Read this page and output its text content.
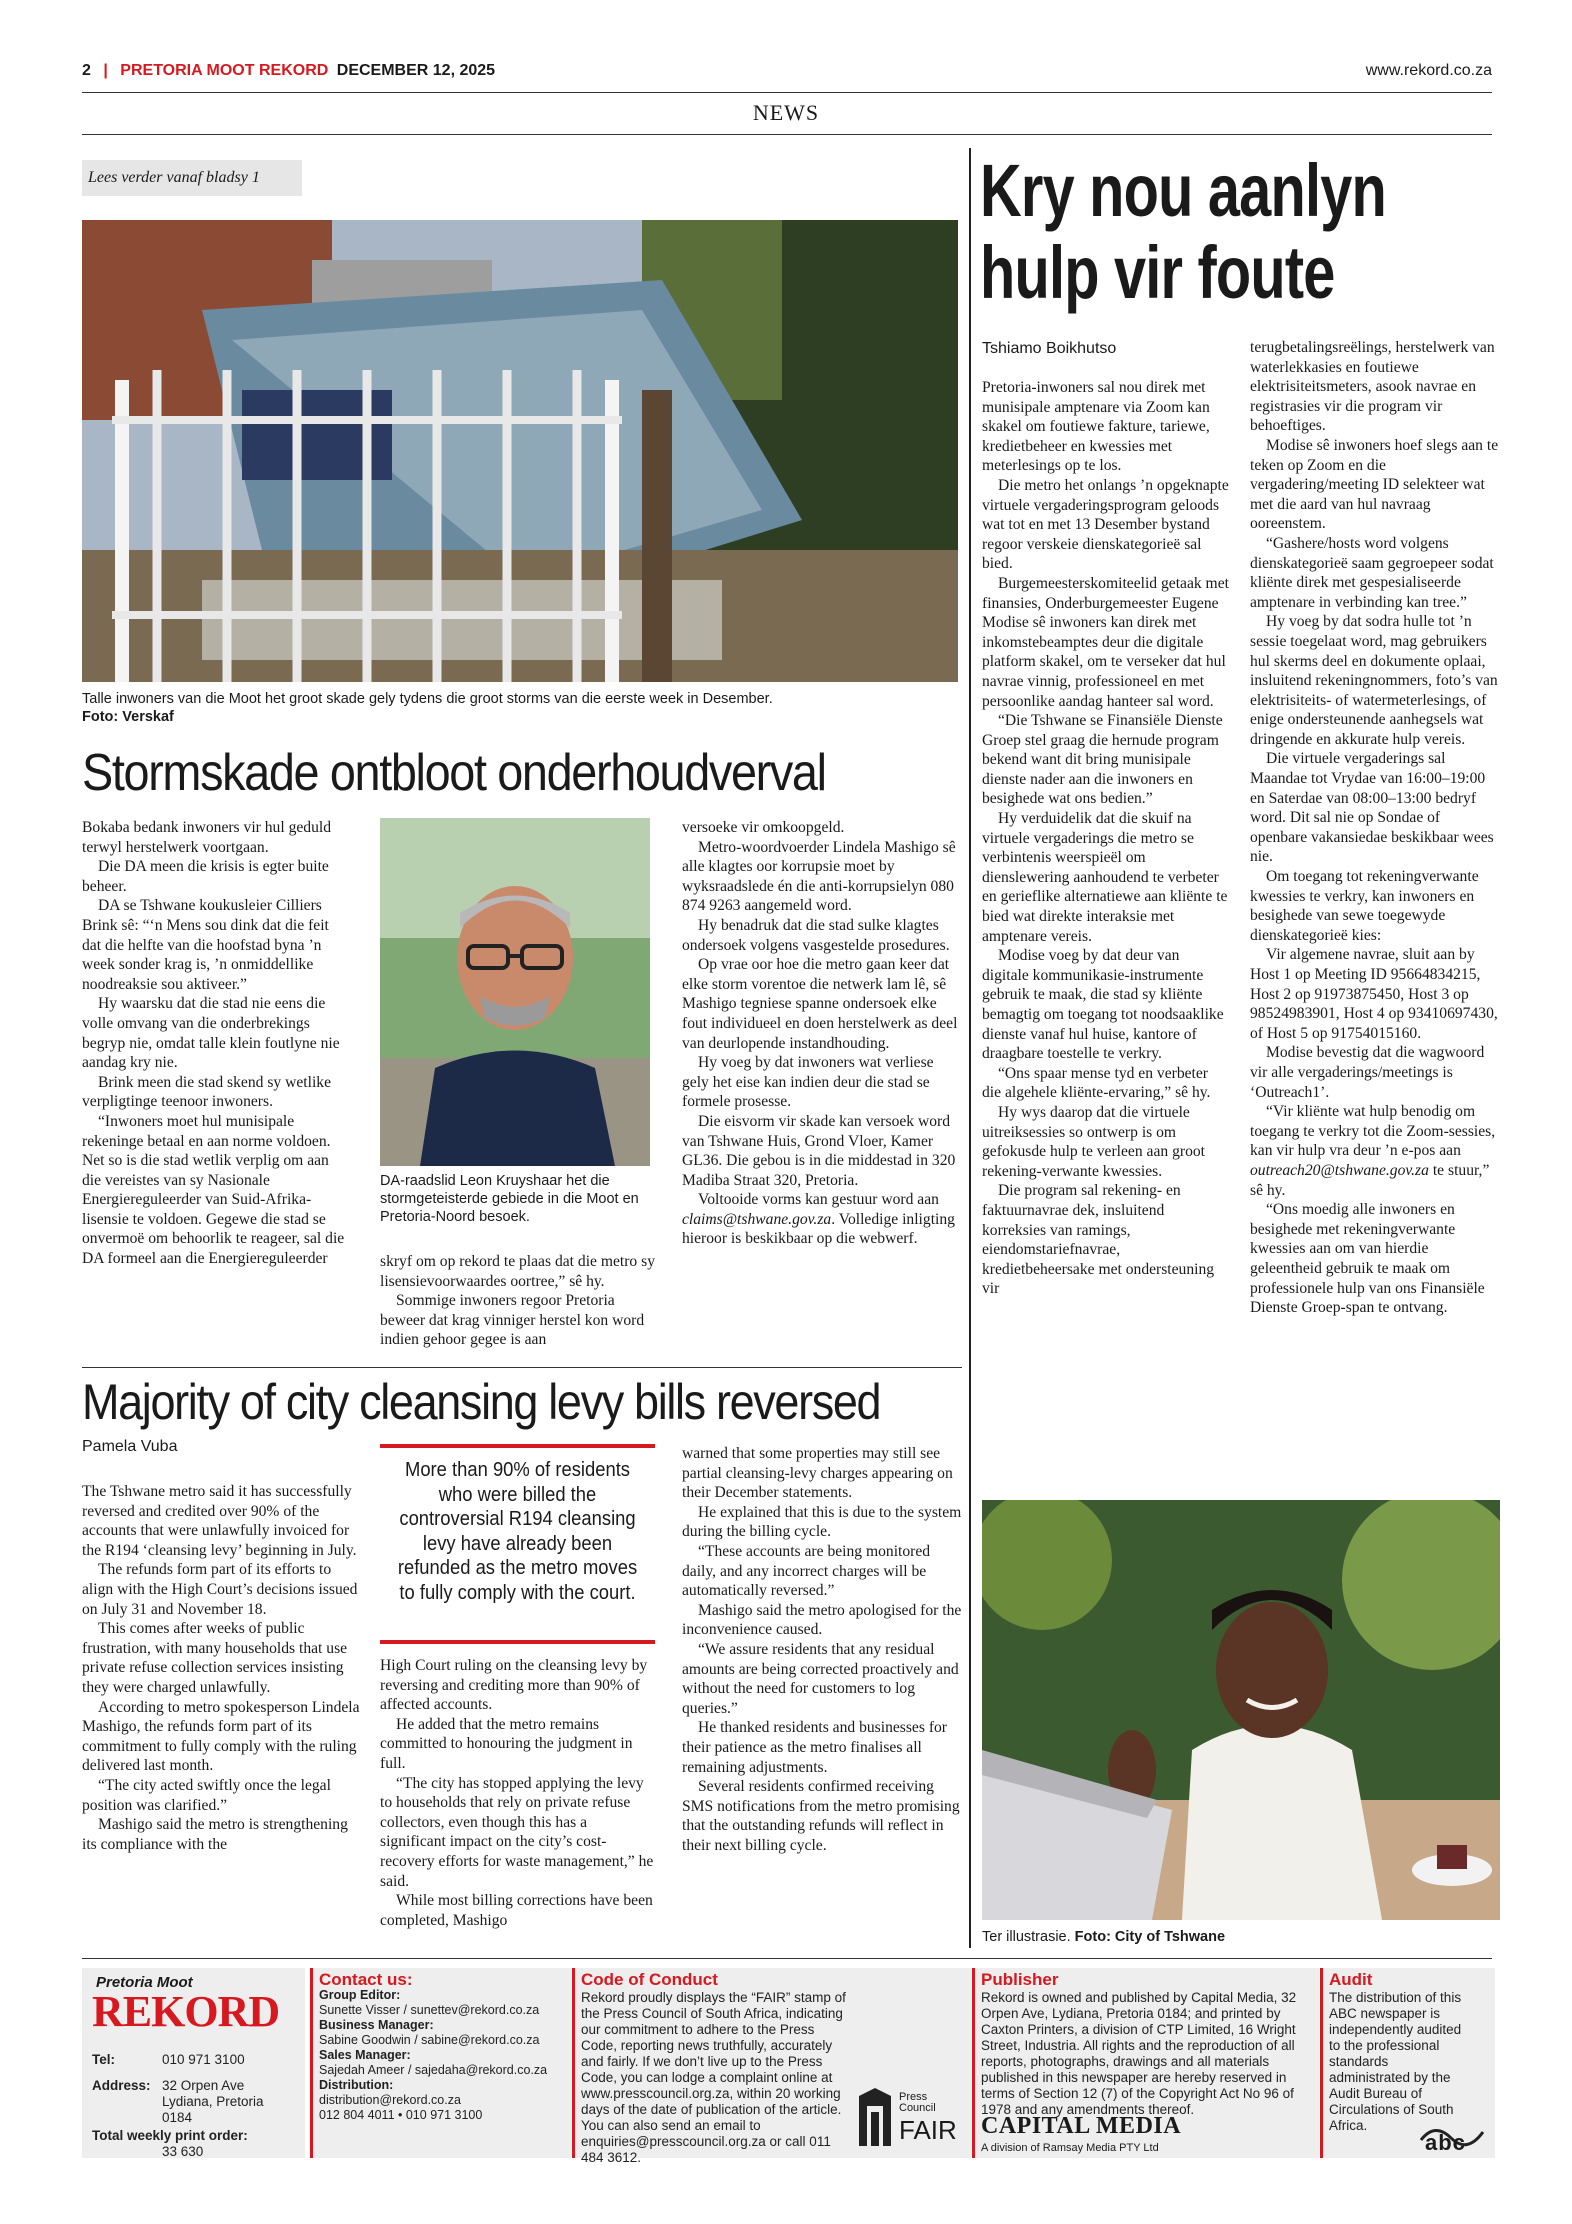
2 | PRETORIA MOOT REKORD DECEMBER 12, 2025	www.rekord.co.za
NEWS
Lees verder vanaf bladsy 1
Talle inwoners van die Moot het groot skade gely tydens die groot storms van die eerste week in Desember.
Foto: Verskaf
Stormskade ontbloot onderhoudverval

Bokaba bedank inwoners vir hul geduld terwyl herstelwerk voortgaan.

Die DA meen die krisis is egter buite beheer.

DA se Tshwane koukusleier Cilliers Brink sê: “‘n Mens sou dink dat die feit dat die helfte van die hoofstad byna ’n week sonder krag is, ’n onmiddellike noodreaksie sou aktiveer.”

Hy waarsku dat die stad nie eens die volle omvang van die onderbrekings begryp nie, omdat talle klein foutlyne nie aandag kry nie.

Brink meen die stad skend sy wetlike verpligtinge teenoor inwoners.

“Inwoners moet hul munisipale rekeninge betaal en aan norme voldoen. Net so is die stad wetlik verplig om aan die vereistes van sy Nasionale Energiereguleerder van Suid-Afrika-lisensie te voldoen. Gegewe die stad se onvermoë om behoorlik te reageer, sal die DA formeel aan die Energiereguleerder

DA-raadslid Leon Kruyshaar het die stormgeteisterde gebiede in die Moot en Pretoria-Noord besoek.

skryf om op rekord te plaas dat die metro sy lisensievoorwaardes oortree,” sê hy.

Sommige inwoners regoor Pretoria beweer dat krag vinniger herstel kon word indien gehoor gegee is aan

versoeke vir omkoopgeld.

Metro-woordvoerder Lindela Mashigo sê alle klagtes oor korrupsie moet by wyksraadslede én die anti-korrupsielyn 080 874 9263 aangemeld word.

Hy benadruk dat die stad sulke klagtes ondersoek volgens vasgestelde prosedures.

Op vrae oor hoe die metro gaan keer dat elke storm vorentoe die netwerk lam lê, sê Mashigo tegniese spanne ondersoek elke fout individueel en doen herstelwerk as deel van deurlopende instandhouding.

Hy voeg by dat inwoners wat verliese gely het eise kan indien deur die stad se formele prosesse.

Die eisvorm vir skade kan versoek word van Tshwane Huis, Grond Vloer, Kamer GL36. Die gebou is in die middestad in 320 Madiba Straat 320, Pretoria.

Voltooide vorms kan gestuur word aan claims@tshwane.gov.za. Volledige inligting hieroor is beskikbaar op die webwerf.

Majority of city cleansing levy bills reversed
Pamela Vuba

The Tshwane metro said it has successfully reversed and credited over 90% of the accounts that were unlawfully invoiced for the R194 ‘cleansing levy’ beginning in July.

The refunds form part of its efforts to align with the High Court’s decisions issued on July 31 and November 18.

This comes after weeks of public frustration, with many households that use private refuse collection services insisting they were charged unlawfully.

According to metro spokesperson Lindela Mashigo, the refunds form part of its commitment to fully comply with the ruling delivered last month.

“The city acted swiftly once the legal position was clarified.”

Mashigo said the metro is strengthening its compliance with the

More than 90% of residents who were billed the controversial R194 cleansing levy have already been refunded as the metro moves to fully comply with the court.

High Court ruling on the cleansing levy by reversing and crediting more than 90% of affected accounts.

He added that the metro remains committed to honouring the judgment in full.

“The city has stopped applying the levy to households that rely on private refuse collectors, even though this has a significant impact on the city’s cost-recovery efforts for waste management,” he said.

While most billing corrections have been completed, Mashigo

warned that some properties may still see partial cleansing-levy charges appearing on their December statements.

He explained that this is due to the system during the billing cycle.

“These accounts are being monitored daily, and any incorrect charges will be automatically reversed.”

Mashigo said the metro apologised for the inconvenience caused.

“We assure residents that any residual amounts are being corrected proactively and without the need for customers to log queries.”

He thanked residents and businesses for their patience as the metro finalises all remaining adjustments.

Several residents confirmed receiving SMS notifications from the metro promising that the outstanding refunds will reflect in their next billing cycle.

Kry nou aanlyn
hulp vir foute
Tshiamo Boikhutso

Pretoria-inwoners sal nou direk met munisipale amptenare via Zoom kan skakel om foutiewe fakture, tariewe, kredietbeheer en kwessies met meterlesings op te los.

Die metro het onlangs ’n opgeknapte virtuele vergaderingsprogram geloods wat tot en met 13 Desember bystand regoor verskeie dienskategorieë sal bied.

Burgemeesterskomiteelid getaak met finansies, Onderburgemeester Eugene Modise sê inwoners kan direk met inkomstebeamptes deur die digitale platform skakel, om te verseker dat hul navrae vinnig, professioneel en met persoonlike aandag hanteer sal word.

“Die Tshwane se Finansiële Dienste Groep stel graag die hernude program bekend want dit bring munisipale dienste nader aan die inwoners en besighede wat ons bedien.”

Hy verduidelik dat die skuif na virtuele vergaderings die metro se verbintenis weerspieël om dienslewering aanhoudend te verbeter en gerieflike alternatiewe aan kliënte te bied wat direkte interaksie met amptenare vereis.

Modise voeg by dat deur van digitale kommunikasie-instrumente gebruik te maak, die stad sy kliënte bemagtig om toegang tot noodsaaklike dienste vanaf hul huise, kantore of draagbare toestelle te verkry.

“Ons spaar mense tyd en verbeter die algehele kliënte-ervaring,” sê hy.

Hy wys daarop dat die virtuele uitreiksessies so ontwerp is om gefokusde hulp te verleen aan groot rekening-verwante kwessies.

Die program sal rekening- en faktuurnavrae dek, insluitend korreksies van ramings, eiendomstariefnavrae, kredietbeheersake met ondersteuning vir

terugbetalingsreëlings, herstelwerk van waterlekkasies en foutiewe elektrisiteitsmeters, asook navrae en registrasies vir die program vir behoeftiges.

Modise sê inwoners hoef slegs aan te teken op Zoom en die vergadering/meeting ID selekteer wat met die aard van hul navraag ooreenstem.

“Gashere/hosts word volgens dienskategorieë saam gegroepeer sodat kliënte direk met gespesialiseerde amptenare in verbinding kan tree.”

Hy voeg by dat sodra hulle tot ’n sessie toegelaat word, mag gebruikers hul skerms deel en dokumente oplaai, insluitend rekeningnommers, foto’s van elektrisiteits- of watermeterlesings, of enige ondersteunende aanhegsels wat dringende en akkurate hulp vereis.

Die virtuele vergaderings sal Maandae tot Vrydae van 16:00–19:00 en Saterdae van 08:00–13:00 bedryf word. Dit sal nie op Sondae of openbare vakansiedae beskikbaar wees nie.

Om toegang tot rekeningverwante kwessies te verkry, kan inwoners en besighede van sewe toegewyde dienskategorieë kies:

Vir algemene navrae, sluit aan by Host 1 op Meeting ID 95664834215, Host 2 op 91973875450, Host 3 op 98524983901, Host 4 op 93410697430, of Host 5 op 91754015160.

Modise bevestig dat die wagwoord vir alle vergaderings/meetings is ‘Outreach1’.

“Vir kliënte wat hulp benodig om toegang te verkry tot die Zoom-sessies, kan vir hulp vra deur ’n e-pos aan outreach20@tshwane.gov.za te stuur,” sê hy.

“Ons moedig alle inwoners en besighede met rekeningverwante kwessies aan om van hierdie geleentheid gebruik te maak om professionele hulp van ons Finansiële Dienste Groep-span te ontvang.

Ter illustrasie. Foto: City of Tshwane
Pretoria Moot
REKORD
Tel:	010 971 3100
Address: 32 Orpen Ave
Lydiana, Pretoria
0184
Total weekly print order:
33 630
Contact us:
Group Editor:
Sunette Visser / sunettev@rekord.co.za
Business Manager:
Sabine Goodwin / sabine@rekord.co.za
Sales Manager:
Sajedah Ameer / sajedaha@rekord.co.za
Distribution:
distribution@rekord.co.za
012 804 4011 • 010 971 3100
Code of Conduct
Rekord proudly displays the “FAIR” stamp of the Press Council of South Africa, indicating our commitment to adhere to the Press Code, reporting news truthfully, accurately and fairly. If we don’t live up to the Press Code, you can lodge a complaint online at www.presscouncil.org.za, within 20 working days of the date of publication of the article. You can also send an email to enquiries@presscouncil.org.za or call 011 484 3612.
Press
Council
FAIR
Publisher
Rekord is owned and published by Capital Media, 32 Orpen Ave, Lydiana, Pretoria 0184; and printed by Caxton Printers, a division of CTP Limited, 16 Wright Street, Industria. All rights and the reproduction of all reports, photographs, drawings and all materials published in this newspaper are hereby reserved in terms of Section 12 (7) of the Copyright Act No 96 of 1978 and any amendments thereof.
CAPITAL MEDIA
A division of Ramsay Media PTY Ltd
Audit
The distribution of this ABC newspaper is independently audited to the professional standards administrated by the Audit Bureau of Circulations of South Africa.
abc
